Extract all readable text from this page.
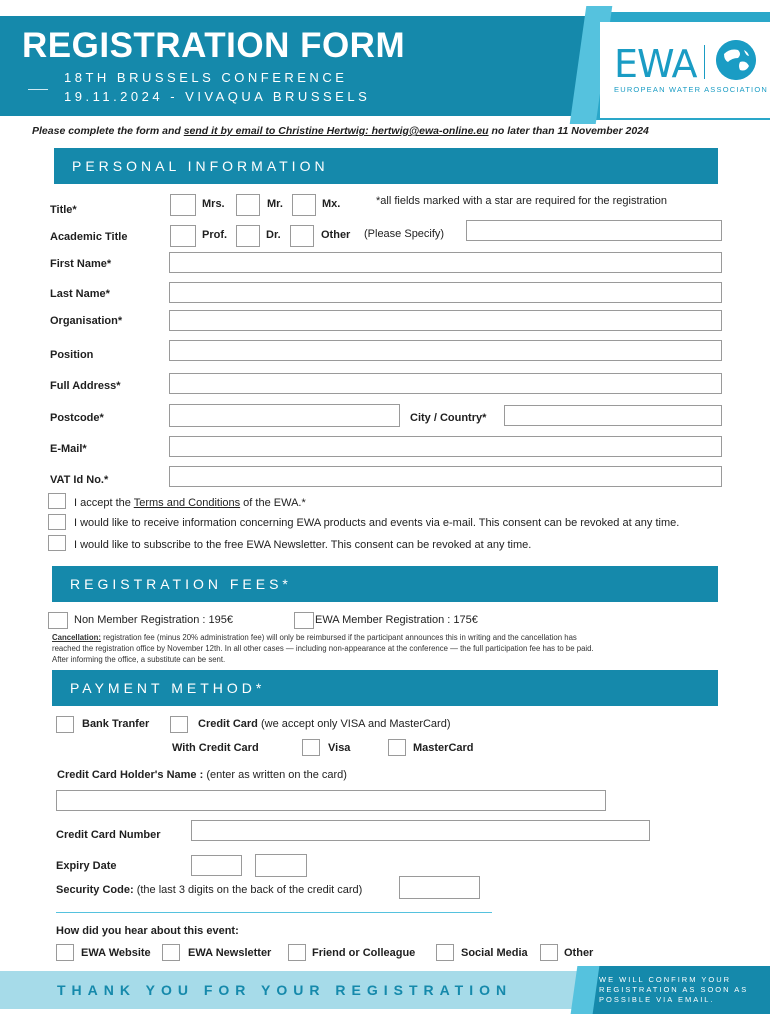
REGISTRATION FORM
18TH BRUSSELS CONFERENCE
19.11.2024 - VIVAQUA BRUSSELS
EWA
EUROPEAN WATER ASSOCIATION
Please complete the form and send it by email to Christine Hertwig: hertwig@ewa-online.eu no later than 11 November 2024
PERSONAL INFORMATION
*all fields marked with a star are required for the registration
Title*	Mrs.	Mr.	Mx.
Academic Title	Prof.	Dr.	Other (Please Specify)
First Name*
Last Name*
Organisation*
Position
Full Address*
Postcode*	City / Country*
E-Mail*
VAT Id No.*
I accept the Terms and Conditions of the EWA.*
I would like to receive information concerning EWA products and events via e-mail. This consent can be revoked at any time.
I would like to subscribe to the free EWA Newsletter. This consent can be revoked at any time.
REGISTRATION FEES*
Non Member Registration : 195€	EWA Member Registration : 175€
Cancellation: registration fee (minus 20% administration fee) will only be reimbursed if the participant announces this in writing and the cancellation has
reached the registration office by November 12th. In all other cases — including non-appearance at the conference — the full participation fee has to be paid.
After informing the office, a substitute can be sent.
PAYMENT METHOD*
Bank Tranfer	Credit Card (we accept only VISA and MasterCard)
With Credit Card	Visa	MasterCard
Credit Card Holder's Name : (enter as written on the card)
Credit Card Number
Expiry Date
Security Code: (the last 3 digits on the back of the credit card)
How did you hear about this event:
EWA Website	EWA Newsletter	Friend or Colleague	Social Media	Other
THANK YOU FOR YOUR REGISTRATION
WE WILL CONFIRM YOUR REGISTRATION AS SOON AS POSSIBLE VIA EMAIL.
